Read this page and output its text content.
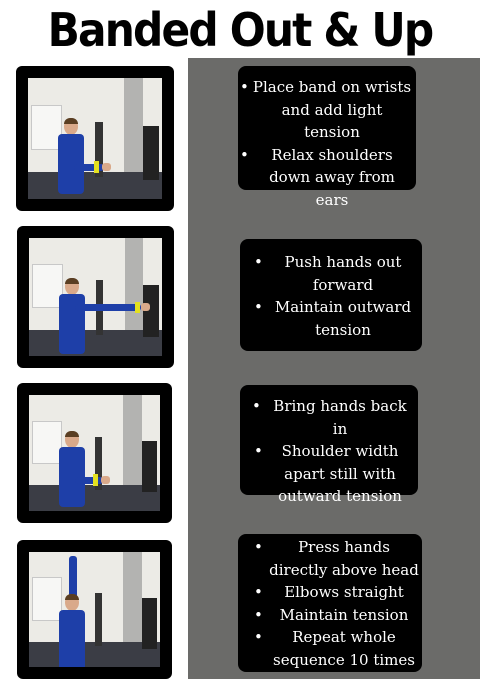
Banded Out & Up
• Place band on wrists and add light tension
• Relax shoulders down away from ears
• Push hands out forward
• Maintain outward tension
• Bring hands back in
• Shoulder width apart still with outward tension
• Press hands directly above head
• Elbows straight
• Maintain tension
• Repeat whole sequence 10 times
